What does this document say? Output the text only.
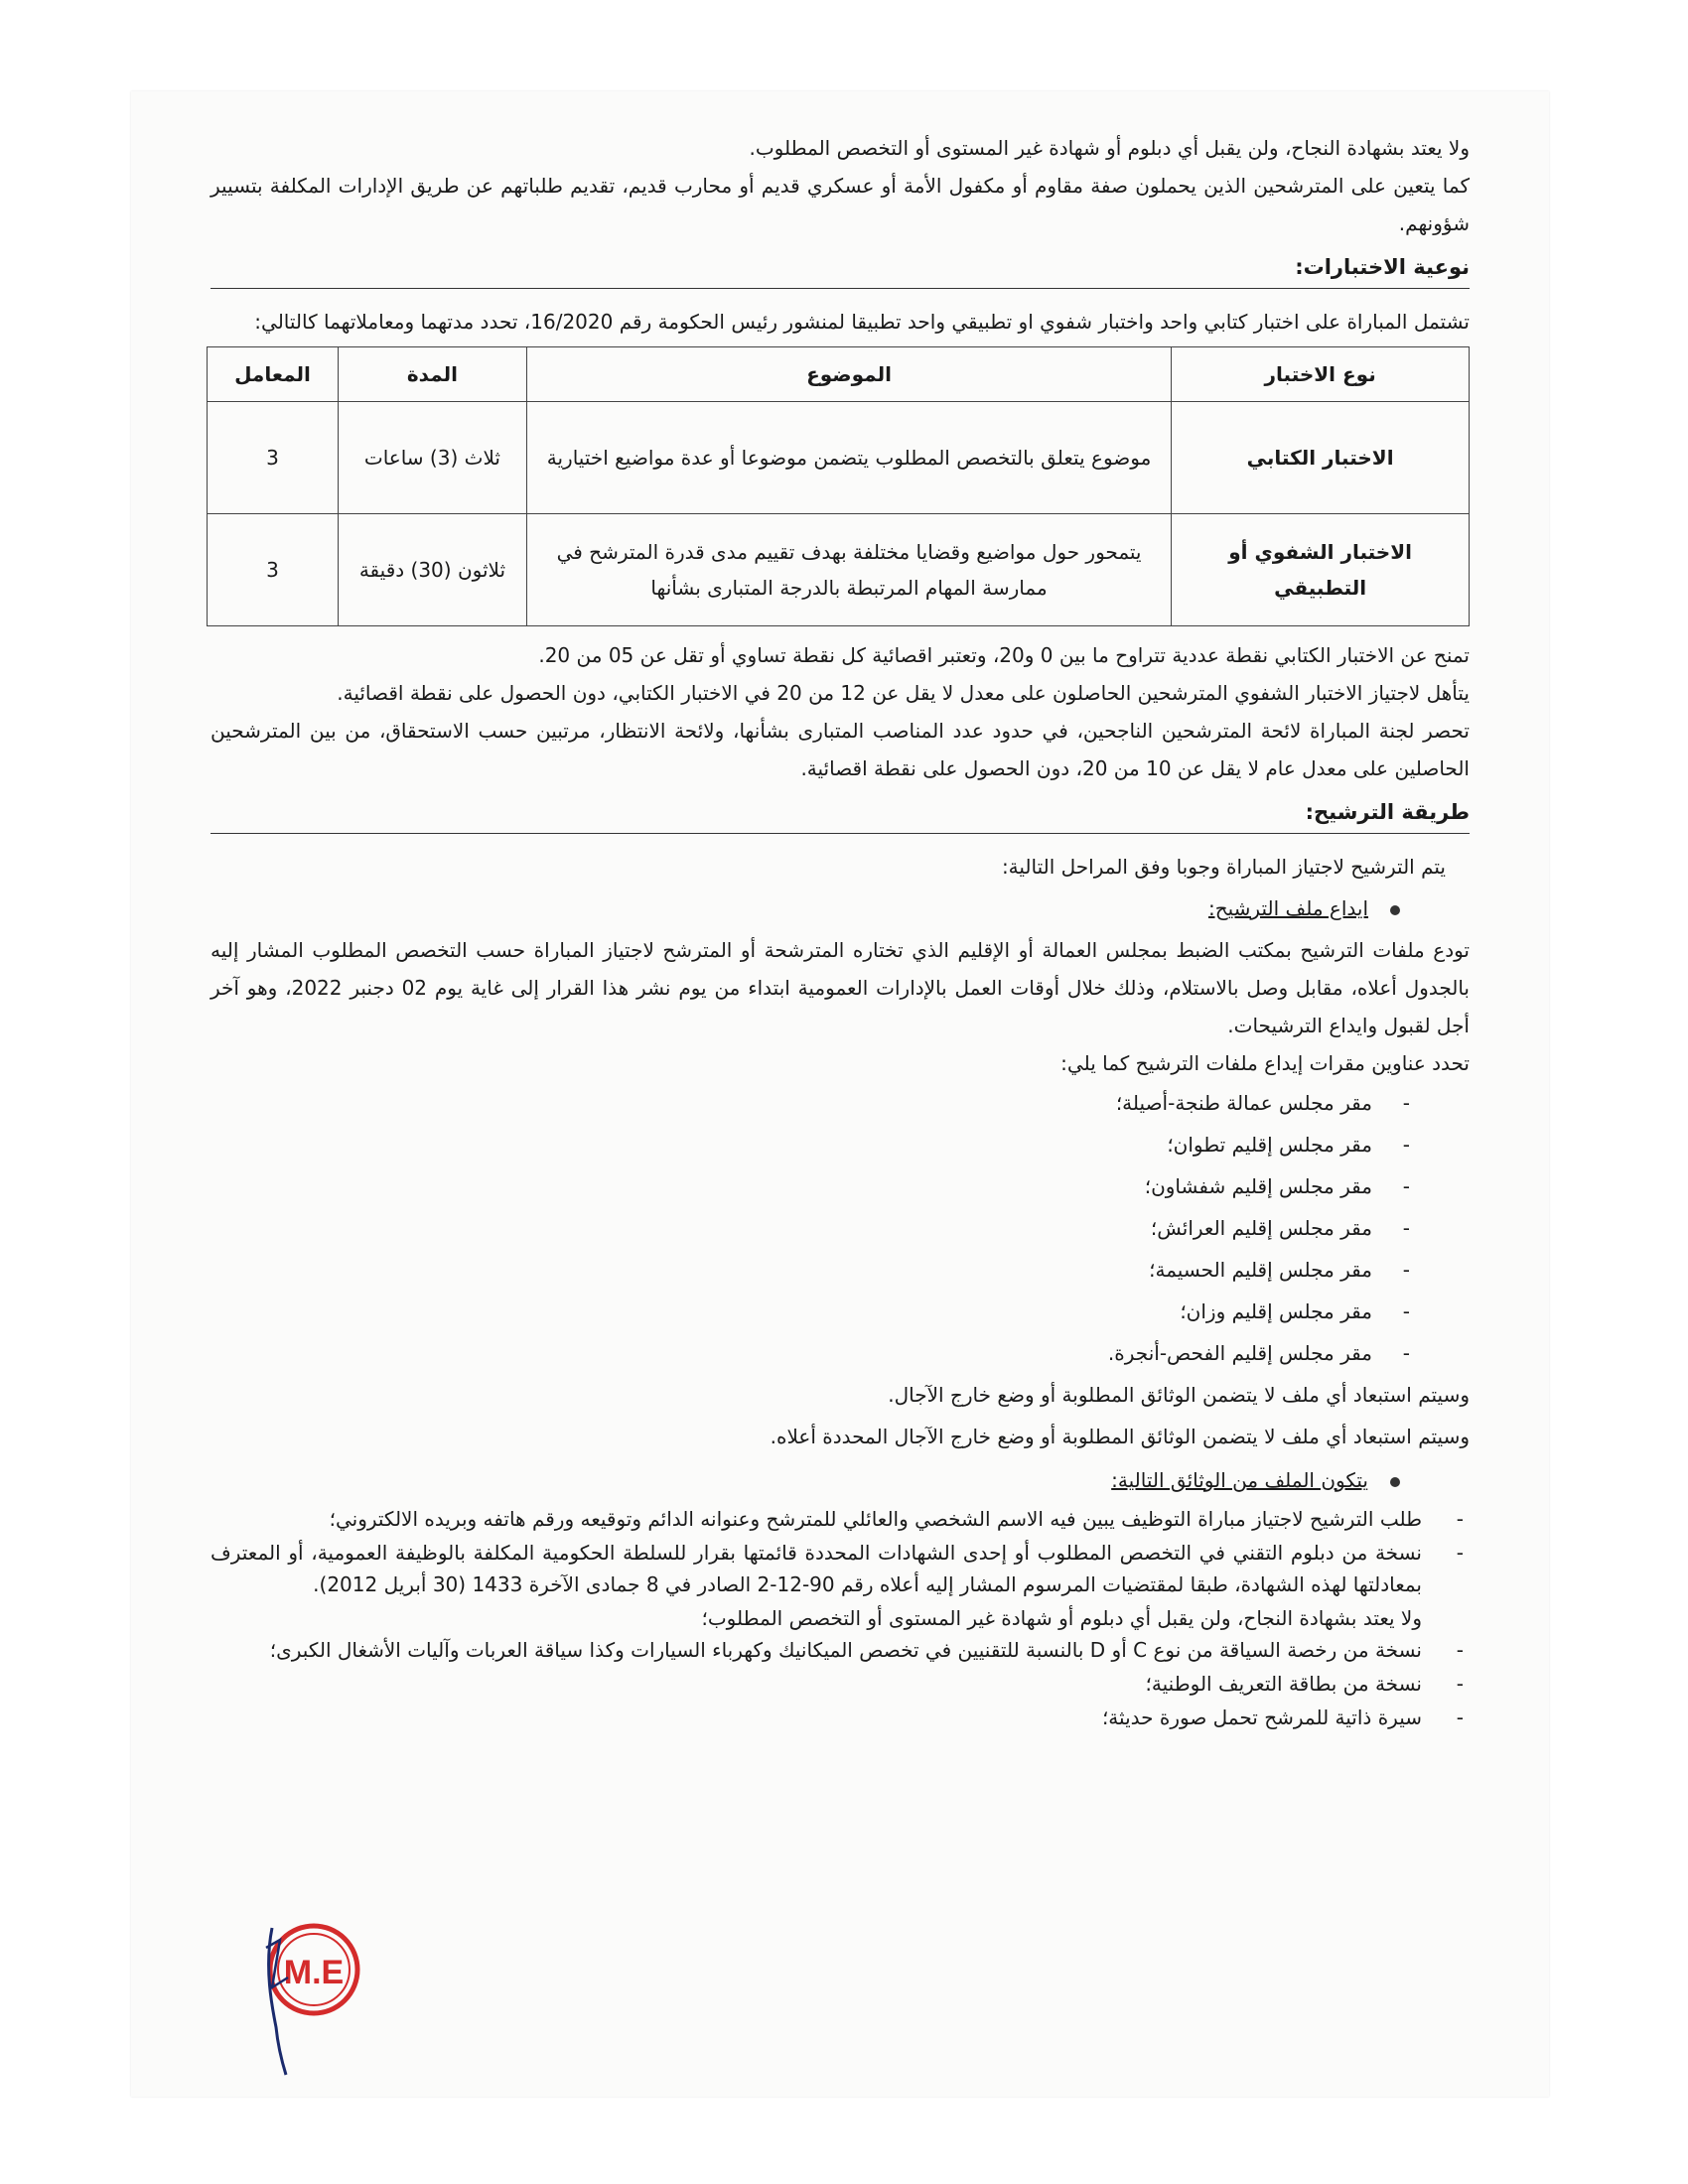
ولا يعتد بشهادة النجاح، ولن يقبل أي دبلوم أو شهادة غير المستوى أو التخصص المطلوب.

كما يتعين على المترشحين الذين يحملون صفة مقاوم أو مكفول الأمة أو عسكري قديم أو محارب قديم، تقديم طلباتهم عن طريق الإدارات المكلفة بتسيير شؤونهم.

نوعية الاختبارات:

تشتمل المباراة على اختبار كتابي واحد واختبار شفوي او تطبيقي واحد تطبيقا لمنشور رئيس الحكومة رقم 16/2020، تحدد مدتهما ومعاملاتهما كالتالي:

نوع الاختبار	الموضوع	المدة	المعامل
الاختبار الكتابي	موضوع يتعلق بالتخصص المطلوب يتضمن موضوعا أو عدة مواضيع اختيارية	ثلاث (3) ساعات	3
الاختبار الشفوي أو التطبيقي	يتمحور حول مواضيع وقضايا مختلفة بهدف تقييم مدى قدرة المترشح في ممارسة المهام المرتبطة بالدرجة المتبارى بشأنها	ثلاثون (30) دقيقة	3

تمنح عن الاختبار الكتابي نقطة عددية تتراوح ما بين 0 و20، وتعتبر اقصائية كل نقطة تساوي أو تقل عن 05 من 20.

يتأهل لاجتياز الاختبار الشفوي المترشحين الحاصلون على معدل لا يقل عن 12 من 20 في الاختبار الكتابي، دون الحصول على نقطة اقصائية.

تحصر لجنة المباراة لائحة المترشحين الناجحين، في حدود عدد المناصب المتبارى بشأنها، ولائحة الانتظار، مرتبين حسب الاستحقاق، من بين المترشحين الحاصلين على معدل عام لا يقل عن 10 من 20، دون الحصول على نقطة اقصائية.

طريقة الترشيح:

يتم الترشيح لاجتياز المباراة وجوبا وفق المراحل التالية:

ايداع ملف الترشيح:

تودع ملفات الترشيح بمكتب الضبط بمجلس العمالة أو الإقليم الذي تختاره المترشحة أو المترشح لاجتياز المباراة حسب التخصص المطلوب المشار إليه بالجدول أعلاه، مقابل وصل بالاستلام، وذلك خلال أوقات العمل بالإدارات العمومية ابتداء من يوم نشر هذا القرار إلى غاية يوم 02 دجنبر 2022، وهو آخر أجل لقبول وايداع الترشيحات.

تحدد عناوين مقرات إيداع ملفات الترشيح كما يلي:

- مقر مجلس عمالة طنجة-أصيلة؛
- مقر مجلس إقليم تطوان؛
- مقر مجلس إقليم شفشاون؛
- مقر مجلس إقليم العرائش؛
- مقر مجلس إقليم الحسيمة؛
- مقر مجلس إقليم وزان؛
- مقر مجلس إقليم الفحص-أنجرة.

وسيتم استبعاد أي ملف لا يتضمن الوثائق المطلوبة أو وضع خارج الآجال.

وسيتم استبعاد أي ملف لا يتضمن الوثائق المطلوبة أو وضع خارج الآجال المحددة أعلاه.

يتكون الملف من الوثائق التالية:

- طلب الترشيح لاجتياز مباراة التوظيف يبين فيه الاسم الشخصي والعائلي للمترشح وعنوانه الدائم وتوقيعه ورقم هاتفه وبريده الالكتروني؛
- نسخة من دبلوم التقني في التخصص المطلوب أو إحدى الشهادات المحددة قائمتها بقرار للسلطة الحكومية المكلفة بالوظيفة العمومية، أو المعترف بمعادلتها لهذه الشهادة، طبقا لمقتضيات المرسوم المشار إليه أعلاه رقم 90-12-2 الصادر في 8 جمادى الآخرة 1433 (30 أبريل 2012).

ولا يعتد بشهادة النجاح، ولن يقبل أي دبلوم أو شهادة غير المستوى أو التخصص المطلوب؛

- نسخة من رخصة السياقة من نوع C أو D بالنسبة للتقنيين في تخصص الميكانيك وكهرباء السيارات وكذا سياقة العربات وآليات الأشغال الكبرى؛
- نسخة من بطاقة التعريف الوطنية؛
- سيرة ذاتية للمرشح تحمل صورة حديثة؛
M.E
